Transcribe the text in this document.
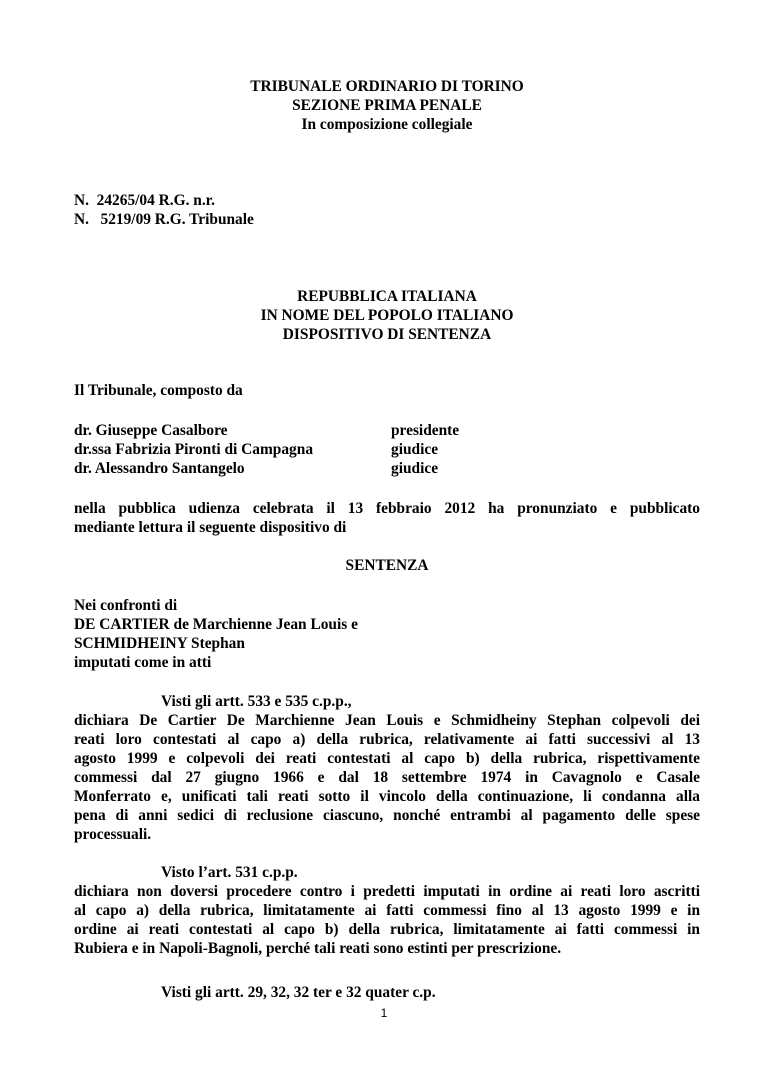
TRIBUNALE ORDINARIO DI TORINO
SEZIONE PRIMA PENALE
In composizione collegiale
N.  24265/04 R.G. n.r.
N.   5219/09 R.G. Tribunale
REPUBBLICA ITALIANA
IN NOME DEL POPOLO ITALIANO
DISPOSITIVO DI SENTENZA
Il Tribunale, composto da
dr. Giuseppe Casalbore	presidente
dr.ssa Fabrizia Pironti di Campagna	giudice
dr. Alessandro Santangelo	giudice
nella pubblica udienza celebrata il 13 febbraio 2012 ha pronunziato e pubblicato
mediante lettura il seguente dispositivo di
SENTENZA
Nei confronti di
DE CARTIER de Marchienne Jean Louis e
SCHMIDHEINY Stephan
imputati come in atti
Visti gli artt. 533 e 535 c.p.p.,
dichiara De Cartier De Marchienne Jean Louis e Schmidheiny Stephan colpevoli dei
reati loro contestati al capo a) della rubrica, relativamente ai fatti successivi al 13
agosto 1999 e colpevoli dei reati contestati al capo b) della rubrica, rispettivamente
commessi dal 27 giugno 1966 e dal 18 settembre 1974 in Cavagnolo e Casale
Monferrato e, unificati tali reati sotto il vincolo della continuazione, li condanna alla
pena di anni sedici di reclusione ciascuno, nonché entrambi al pagamento delle spese
processuali.
Visto l’art. 531 c.p.p.
dichiara non doversi procedere contro i predetti imputati in ordine ai reati loro ascritti
al capo a) della rubrica, limitatamente ai fatti commessi fino al 13 agosto 1999 e in
ordine ai reati contestati al capo b) della rubrica, limitatamente ai fatti commessi in
Rubiera e in Napoli-Bagnoli, perché tali reati sono estinti per prescrizione.
Visti gli artt. 29, 32, 32 ter e 32 quater c.p.
1
